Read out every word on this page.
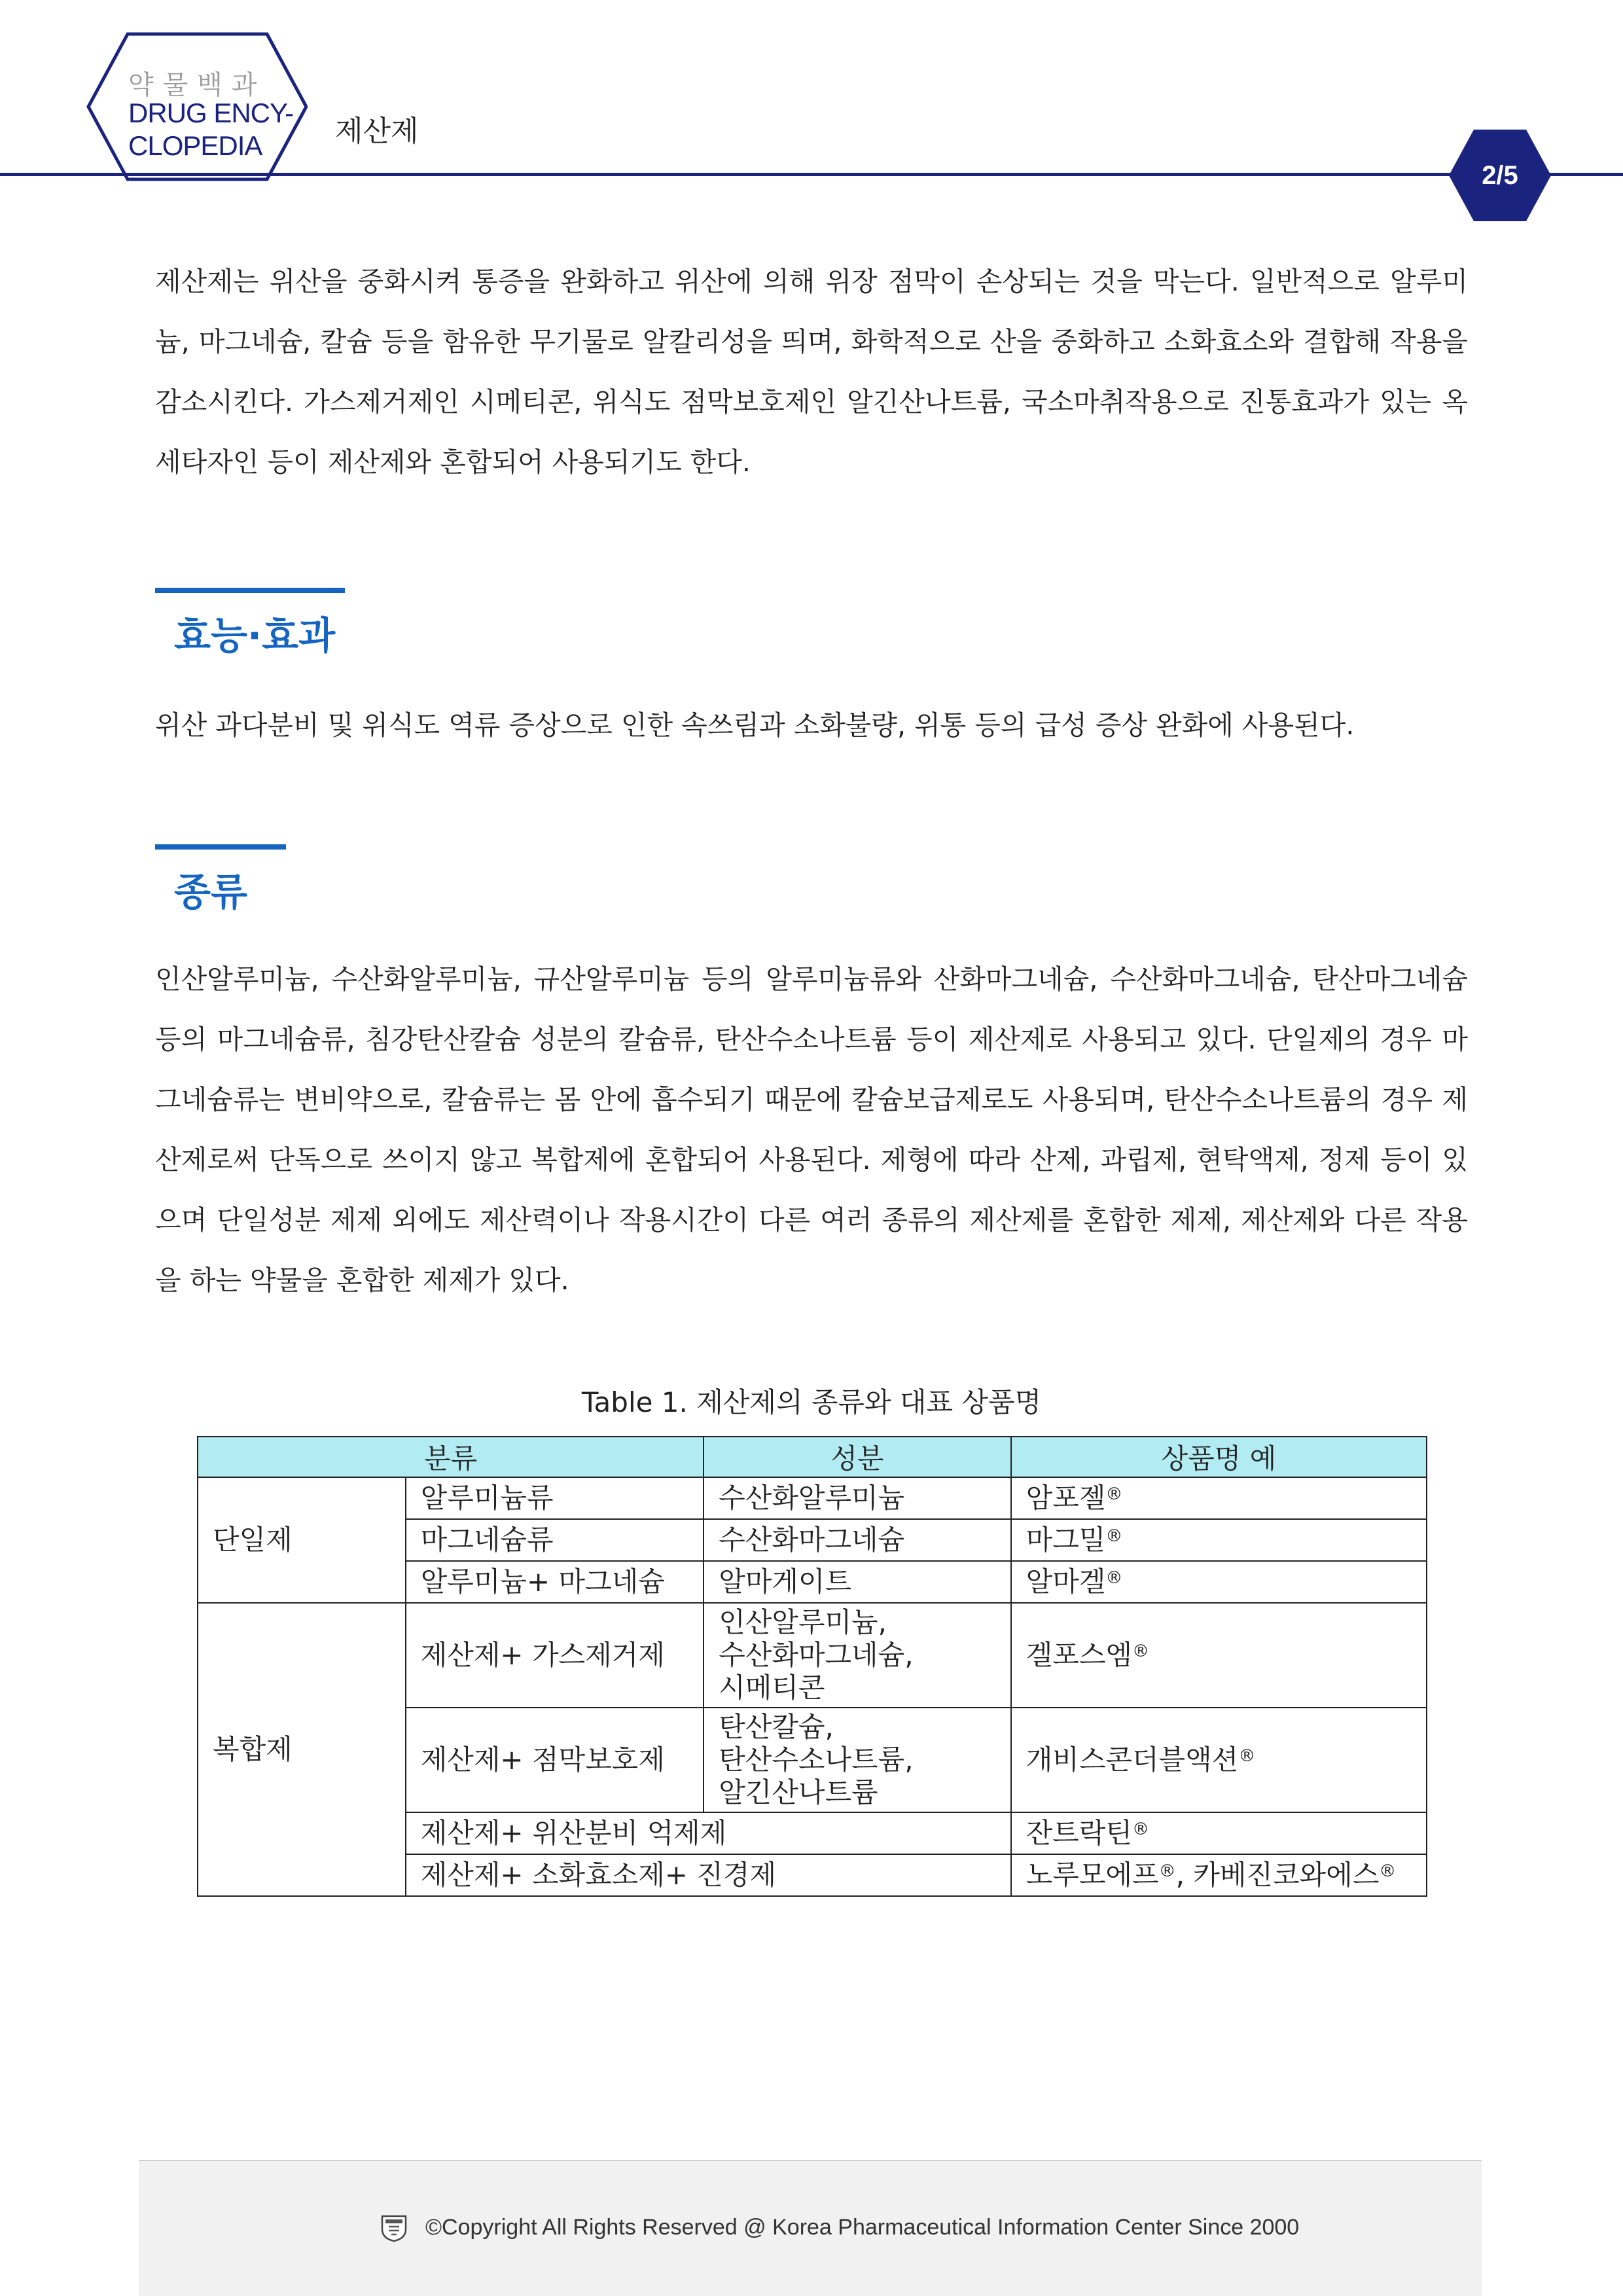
약물백과
DRUG ENCY-
CLOPEDIA	제산제
2/5

제산제는 위산을 중화시켜 통증을 완화하고 위산에 의해 위장 점막이 손상되는 것을 막는다. 일반적으로 알루미늄, 마그네슘, 칼슘 등을 함유한 무기물로 알칼리성을 띄며, 화학적으로 산을 중화하고 소화효소와 결합해 작용을 감소시킨다. 가스제거제인 시메티콘, 위식도 점막보호제인 알긴산나트륨, 국소마취작용으로 진통효과가 있는 옥세타자인 등이 제산제와 혼합되어 사용되기도 한다.

효능·효과

위산 과다분비 및 위식도 역류 증상으로 인한 속쓰림과 소화불량, 위통 등의 급성 증상 완화에 사용된다.

종류

인산알루미늄, 수산화알루미늄, 규산알루미늄 등의 알루미늄류와 산화마그네슘, 수산화마그네슘, 탄산마그네슘 등의 마그네슘류, 침강탄산칼슘 성분의 칼슘류, 탄산수소나트륨 등이 제산제로 사용되고 있다. 단일제의 경우 마그네슘류는 변비약으로, 칼슘류는 몸 안에 흡수되기 때문에 칼슘보급제로도 사용되며, 탄산수소나트륨의 경우 제산제로써 단독으로 쓰이지 않고 복합제에 혼합되어 사용된다. 제형에 따라 산제, 과립제, 현탁액제, 정제 등이 있으며 단일성분 제제 외에도 제산력이나 작용시간이 다른 여러 종류의 제산제를 혼합한 제제, 제산제와 다른 작용을 하는 약물을 혼합한 제제가 있다.

Table 1. 제산제의 종류와 대표 상품명
분류		성분	상품명 예
단일제	알루미늄류	수산화알루미늄	암포젤®
	마그네슘류	수산화마그네슘	마그밀®
	알루미늄+ 마그네슘	알마게이트	알마겔®
복합제	제산제+ 가스제거제	인산알루미늄,
수산화마그네슘,
시메티콘	겔포스엠®
	제산제+ 점막보호제	탄산칼슘,
탄산수소나트륨,
알긴산나트륨	개비스콘더블액션®
	제산제+ 위산분비 억제제		잔트락틴®
	제산제+ 소화효소제+ 진경제		노루모에프®, 카베진코와에스®
©Copyright All Rights Reserved @ Korea Pharmaceutical Information Center Since 2000
